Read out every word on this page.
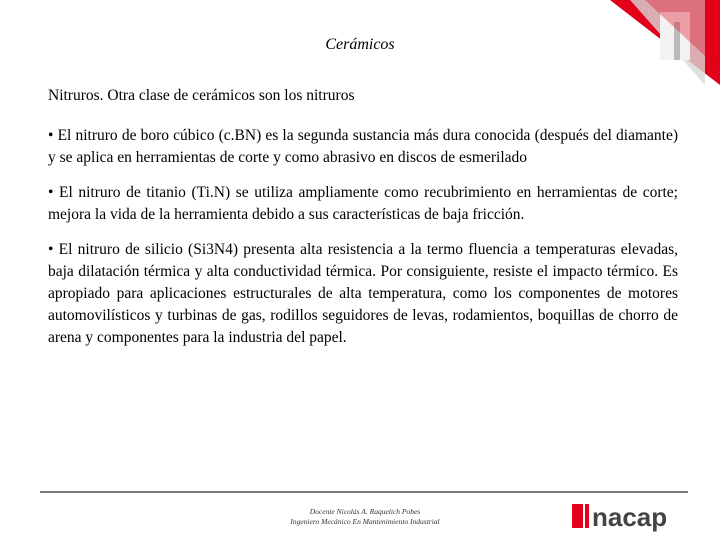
Cerámicos

Nitruros. Otra clase de cerámicos son los nitruros

• El nitruro de boro cúbico (c.BN) es la segunda sustancia más dura conocida (después del diamante) y se aplica en herramientas de corte y como abrasivo en discos de esmerilado

• El nitruro de titanio (Ti.N) se utiliza ampliamente como recubrimiento en herramientas de corte; mejora la vida de la herramienta debido a sus características de baja fricción.

• El nitruro de silicio (Si3N4) presenta alta resistencia a la termo fluencia a temperaturas elevadas, baja dilatación térmica y alta conductividad térmica. Por consiguiente, resiste el impacto térmico. Es apropiado para aplicaciones estructurales de alta temperatura, como los componentes de motores automovilísticos y turbinas de gas, rodillos seguidores de levas, rodamientos, boquillas de chorro de arena y componentes para la industria del papel.

Docente Nicolás A. Raquelich Pobes
Ingeniero Mecánico En Mantenimiento Industrial	nacap
